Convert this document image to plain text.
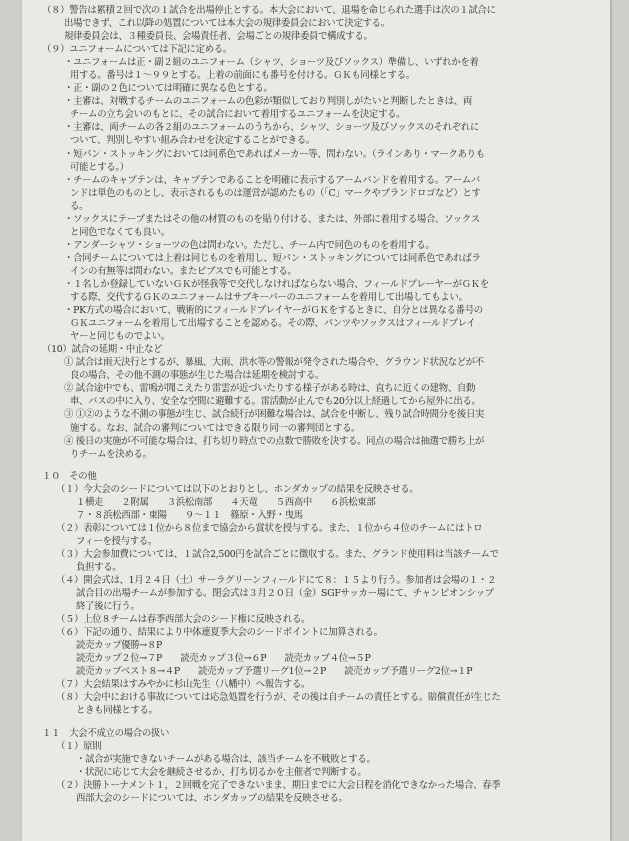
（８）警告は累積２回で次の１試合を出場停止とする。本大会において、退場を命じられた選手は次の１試合に
出場できず、これ以降の処置については本大会の規律委員会において決定する。
規律委員会は、３種委員長、会場責任者、会場ごとの規律委員で構成する。
（９）ユニフォームについては下記に定める。
・ユニフォームは正・副２組のユニフォーム（シャツ、ショーツ及びソックス）準備し、いずれかを着
用する。番号は１～９９とする。上着の前面にも番号を付ける。ＧＫも同様とする。
・正・副の２色については明確に異なる色とする。
・主審は、対戦するチームのユニフォームの色彩が類似しており判別しがたいと判断したときは、両
チームの立ち会いのもとに、その試合において着用するユニフォームを決定する。
・主審は、両チームの各２組のユニフォームのうちから、シャツ、ショーツ及びソックスのそれぞれに
ついて、判別しやすい組み合わせを決定することができる。
・短パン・ストッキングにおいては同系色であればメーカー等、問わない。（ラインあり・マークありも
可能とする。）
・チームのキャプテンは、キャプテンであることを明確に表示するアームバンドを着用する。アームバ
ンドは単色のものとし、表示されるものは運営が認めたもの（「C」マークやブランドロゴなど）とす
る。
・ソックスにテープまたはその他の材質のものを貼り付ける、または、外部に着用する場合、ソックス
と同色でなくても良い。
・アンダーシャツ・ショーツの色は問わない。ただし、チーム内で同色のものを着用する。
・合同チームについては上着は同じものを着用し、短パン・ストッキングについては同系色であればラ
インの有無等は問わない。またビブスでも可能とする。
・１名しか登録していないＧＫが怪我等で交代しなければならない場合、フィールドプレーヤーがＧＫを
する際、交代するＧＫのユニフォームはサブキーパーのユニフォームを着用して出場してもよい。
・PK方式の場合において、戦術的にフィールドプレイヤーがＧＫをするときに、自分とは異なる番号の
ＧＫユニフォームを着用して出場することを認める。その際、パンツやソックスはフィールドプレイ
ヤーと同じものでよい。
（10）試合の延期・中止など
① 試合は雨天決行とするが、暴風、大雨、洪水等の警報が発令された場合や、グラウンド状況などが不
良の場合、その他不測の事態が生じた場合は延期を検討する。
② 試合途中でも、雷鳴が聞こえたり雷雲が近づいたりする様子がある時は、直ちに近くの建物、自動
車、バスの中に入り、安全な空間に避難する。雷活動が止んでも20分以上経過してから屋外に出る。
③ ①②のような不測の事態が生じ、試合続行が困難な場合は、試合を中断し、残り試合時間分を後日実
施する。なお、試合の審判についてはできる限り同一の審判団とする。
④ 後日の実施が不可能な場合は、打ち切り時点での点数で勝敗を決する。同点の場合は抽選で勝ち上が
りチームを決める。
１０　その他
（１）今大会のシードについては以下のとおりとし、ホンダカップの結果を反映させる。
１横走　　２附属　　３浜松南部　　４天竜　　５西高中　　６浜松東部
７・８浜松西部・東陽　　９～１１　篠原・入野・曳馬
（２）表彰については１位から８位まで協会から賞状を授与する。また、１位から４位のチームにはトロ
フィーを授与する。
（３）大会参加費については、１試合2,500円を試合ごとに徴収する。また、グランド使用料は当該チームで
負担する。
（４）開会式は、1月２４日（土）サーラグリーンフィールドにて８：１５より行う。参加者は会場の１・２
試合目の出場チームが参加する。閉会式は３月２０日（金）SGFサッカー場にて、チャンピオンシップ
終了後に行う。
（５）上位８チームは春季西部大会のシード権に反映される。
（６）下記の通り、結果により中体連夏季大会のシードポイントに加算される。
読売カップ優勝→８P
読売カップ２位→７P　　読売カップ３位→６P　　読売カップ４位→５P
読売カップベスト８→４P　　読売カップ予選リーグ1位→２P　　読売カップ予選リーグ2位→１P
（７）大会結果はすみやかに杉山先生（八幡中）へ報告する。
（８）大会中における事故については応急処置を行うが、その後は自チームの責任とする。賠償責任が生じた
ときも同様とする。
１１　大会不成立の場合の扱い
（１）原則
・試合が実施できないチームがある場合は、該当チームを不戦敗とする。
・状況に応じて大会を継続させるか、打ち切るかを主催者で判断する。
（２）決勝トーナメント１，２回戦を完了できないまま、期日までに大会日程を消化できなかった場合、春季
西部大会のシードについては、ホンダカップの結果を反映させる。
